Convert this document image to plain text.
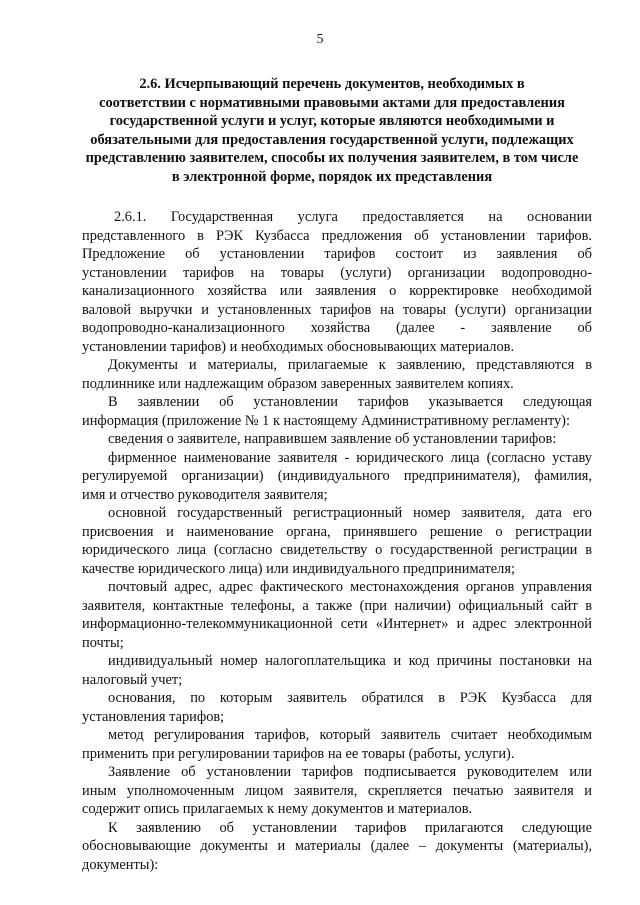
5
2.6. Исчерпывающий перечень документов, необходимых в
соответствии с нормативными правовыми актами для предоставления
государственной услуги и услуг, которые являются необходимыми и
обязательными для предоставления государственной услуги, подлежащих
представлению заявителем, способы их получения заявителем, в том числе
в электронной форме, порядок их представления
2.6.1. Государственная услуга предоставляется на основании
представленного в РЭК Кузбасса предложения об установлении тарифов.
Предложение об установлении тарифов состоит из заявления об
установлении тарифов на товары (услуги) организации водопроводно-
канализационного хозяйства или заявления о корректировке необходимой
валовой выручки и установленных тарифов на товары (услуги) организации
водопроводно-канализационного хозяйства (далее - заявление об
установлении тарифов) и необходимых обосновывающих материалов.
Документы и материалы, прилагаемые к заявлению, представляются в
подлиннике или надлежащим образом заверенных заявителем копиях.
В заявлении об установлении тарифов указывается следующая
информация (приложение № 1 к настоящему Административному регламенту):
сведения о заявителе, направившем заявление об установлении тарифов:
фирменное наименование заявителя - юридического лица (согласно уставу
регулируемой организации) (индивидуального предпринимателя), фамилия,
имя и отчество руководителя заявителя;
основной государственный регистрационный номер заявителя, дата его
присвоения и наименование органа, принявшего решение о регистрации
юридического лица (согласно свидетельству о государственной регистрации в
качестве юридического лица) или индивидуального предпринимателя;
почтовый адрес, адрес фактического местонахождения органов управления
заявителя, контактные телефоны, а также (при наличии) официальный сайт в
информационно-телекоммуникационной сети «Интернет» и адрес электронной
почты;
индивидуальный номер налогоплательщика и код причины постановки на
налоговый учет;
основания, по которым заявитель обратился в РЭК Кузбасса для
установления тарифов;
метод регулирования тарифов, который заявитель считает необходимым
применить при регулировании тарифов на ее товары (работы, услуги).
Заявление об установлении тарифов подписывается руководителем или
иным уполномоченным лицом заявителя, скрепляется печатью заявителя и
содержит опись прилагаемых к нему документов и материалов.
К заявлению об установлении тарифов прилагаются следующие
обосновывающие документы и материалы (далее – документы (материалы),
документы):
